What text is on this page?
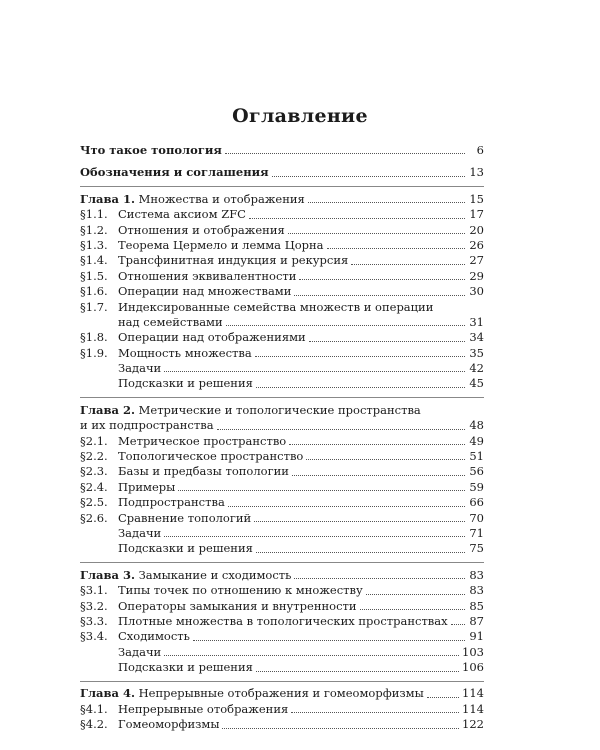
Оглавление
Что такое топология	6
Обозначения и соглашения	13
Глава 1. Множества и отображения	15
§1.1. Система аксиом ZFC	17
§1.2. Отношения и отображения	20
§1.3. Теорема Цермело и лемма Цорна	26
§1.4. Трансфинитная индукция и рекурсия	27
§1.5. Отношения эквивалентности	29
§1.6. Операции над множествами	30
§1.7. Индексированные семейства множеств и операции
над семействами	31
§1.8. Операции над отображениями	34
§1.9. Мощность множества	35
Задачи	42
Подсказки и решения	45
Глава 2. Метрические и топологические пространства
и их подпространства	48
§2.1. Метрическое пространство	49
§2.2. Топологическое пространство	51
§2.3. Базы и предбазы топологии	56
§2.4. Примеры	59
§2.5. Подпространства	66
§2.6. Сравнение топологий	70
Задачи	71
Подсказки и решения	75
Глава 3. Замыкание и сходимость	83
§3.1. Типы точек по отношению к множеству	83
§3.2. Операторы замыкания и внутренности	85
§3.3. Плотные множества в топологических пространствах 87
§3.4. Сходимость	91
Задачи	103
Подсказки и решения	106
Глава 4. Непрерывные отображения и гомеоморфизмы	114
§4.1. Непрерывные отображения	114
§4.2. Гомеоморфизмы	122
